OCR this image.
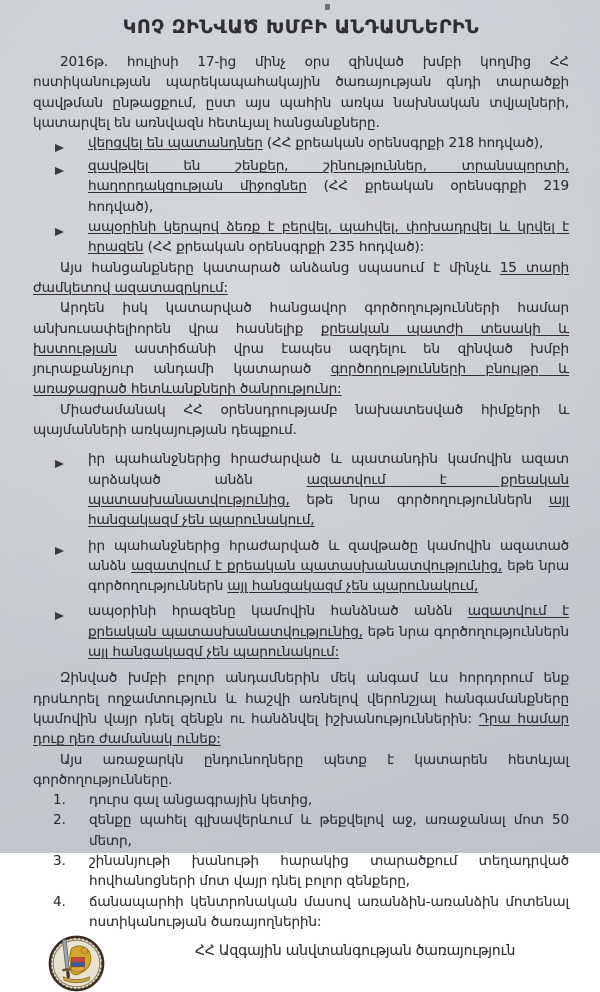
ԿՈՉ ԶԻՆՎԱԾ ԽՄԲԻ ԱՆԴԱՄՆԵՐԻՆ

2016թ. հուլիսի 17-ից մինչ օրս զինված խմբի կողմից ՀՀ ոստիկանության պարեկապահակային ծառայության գնդի տարածքի զավթման ընթացքում, ըստ այս պահին առկա նախնական տվյալների, կատարվել են առնվազն հետևյալ հանցանքները.

վերցվել են պատանդներ (ՀՀ քրեական օրենսգրքի 218 հոդված),
զավթվել են շենքեր, շինություններ, տրանսպորտի, հաղորդակցության միջոցներ (ՀՀ քրեական օրենսգրքի 219 հոդված),
ապօրինի կերպով ձեռք է բերվել, պահվել, փոխադրվել և կրվել է հրազեն (ՀՀ քրեական օրենսգրքի 235 հոդված):

Այս հանցանքները կատարած անձանց սպասում է մինչև 15 տարի ժամկետով ազատազրկում:

Արդեն իսկ կատարված հանցավոր գործողությունների համար անխուսափելիորեն վրա հասնելիք քրեական պատժի տեսակի և խստության աստիճանի վրա էապես ազդելու են զինված խմբի յուրաքանչյուր անդամի կատարած գործողությունների բնույթը և առաջացրած հետևանքների ծանրությունը:

Միաժամանակ ՀՀ օրենսդրությամբ նախատեսված հիմքերի և պայմանների առկայության դեպքում.

իր պահանջներից հրաժարված և պատանդին կամովին ազատ արձակած անձն ազատվում է քրեական պատասխանատվությունից, եթե նրա գործողություններն այլ հանցակազմ չեն պարունակում,
իր պահանջներից հրաժարված և զավթածը կամովին ազատած անձն ազատվում է քրեական պատասխանատվությունից, եթե նրա գործողություններն այլ հանցակազմ չեն պարունակում,
ապօրինի հրազենը կամովին հանձնած անձն ազատվում է քրեական պատասխանատվությունից, եթե նրա գործողություններն այլ հանցակազմ չեն պարունակում:

Զինված խմբի բոլոր անդամներին մեկ անգամ ևս հորդորում ենք դրսևորել ողջամտություն և հաշվի առնելով վերոնշյալ հանգամանքները կամովին վայր դնել զենքն ու հանձնվել իշխանություններին: Դրա համար դուք դեռ ժամանակ ունեք:

Այս առաջարկն ընդունողները պետք է կատարեն հետևյալ գործողությունները.

1.	դուրս գալ անցագրային կետից,
2.	զենքը պահել գլխավերևում և թեքվելով աջ, առաջանալ մոտ 50 մետր,
3.	շինանյութի խանութի հարակից տարածքում տեղադրված հովհանոցների մոտ վայր դնել բոլոր զենքերը,
4.	ճանապարհի կենտրոնական մասով առանձին-առանձին մոտենալ ոստիկանության ծառայողներին:
ՀՀ Ազգային անվտանգության ծառայություն
